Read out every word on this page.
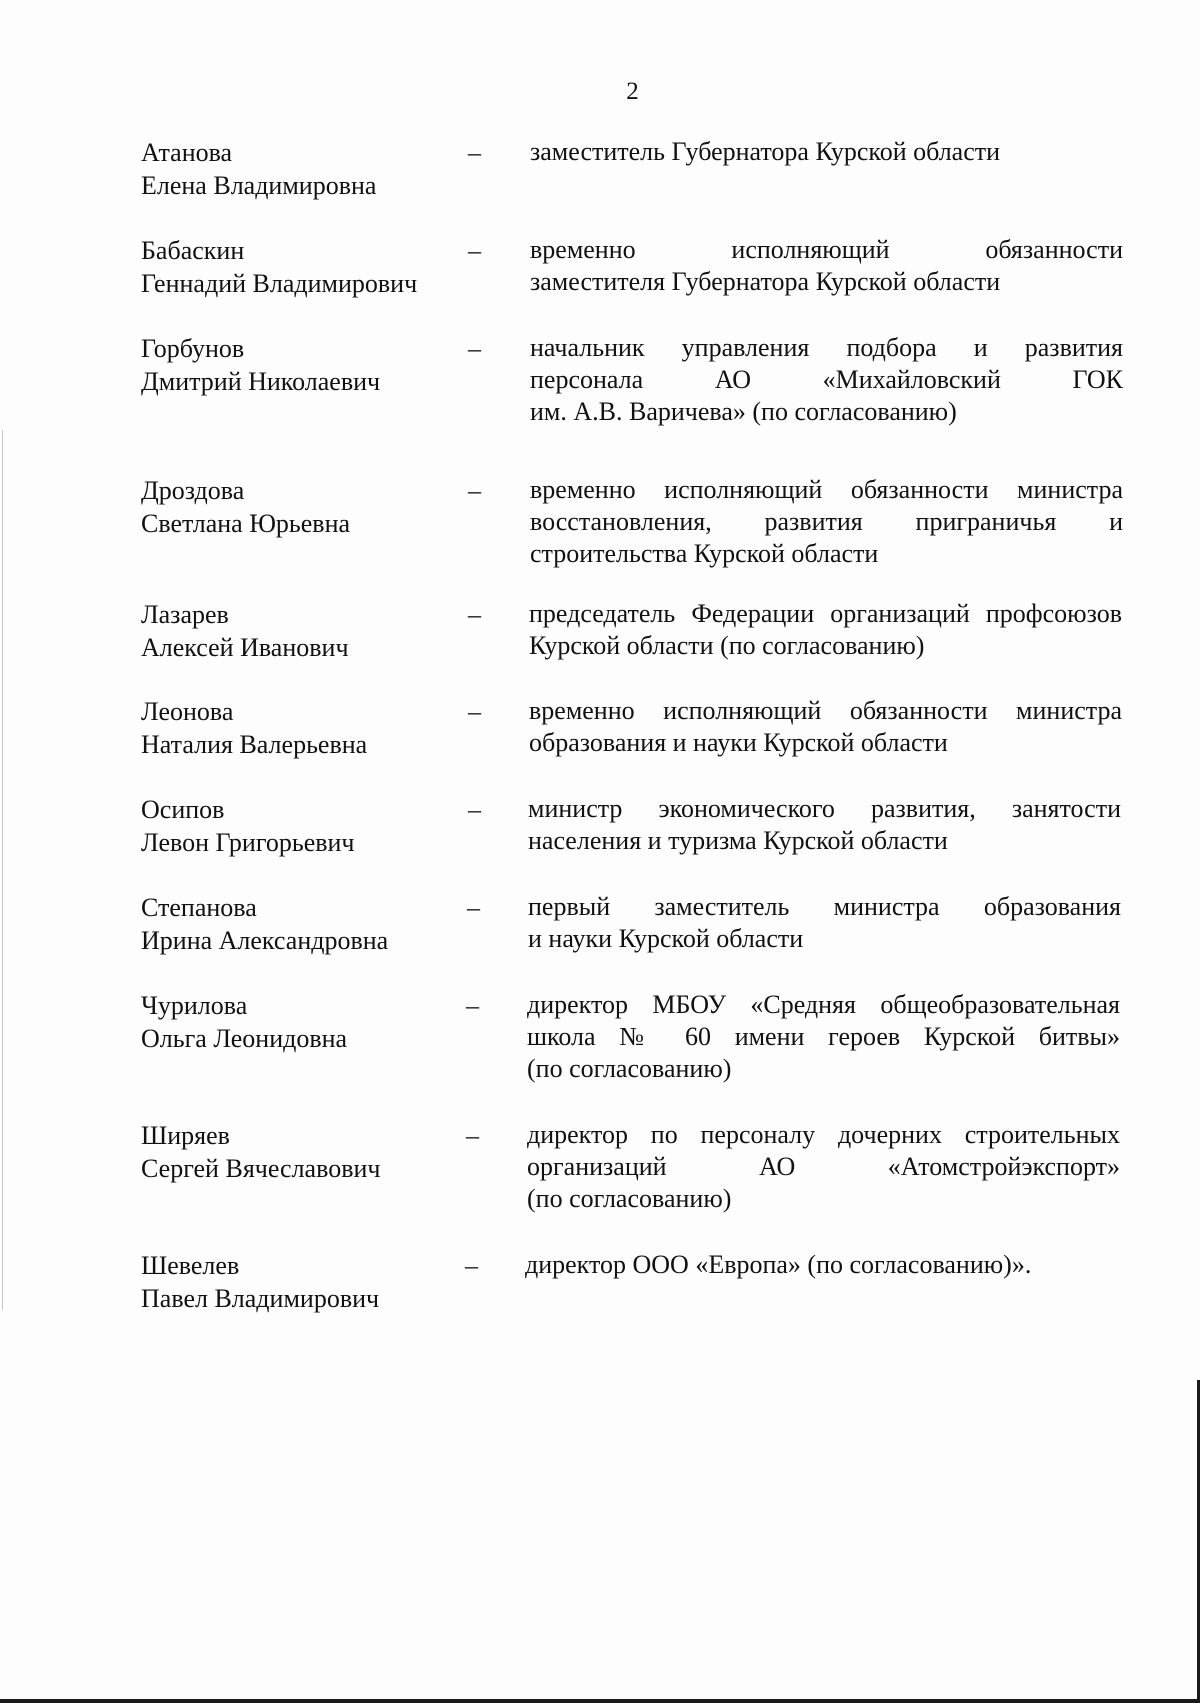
2
Атанова
Елена Владимировна
– заместитель Губернатора Курской области
Бабаскин
Геннадий Владимирович
– временно исполняющий обязанности
заместителя Губернатора Курской области
Горбунов
Дмитрий Николаевич
– начальник управления подбора и развития
персонала АО «Михайловский ГОК
им. А.В. Варичева» (по согласованию)
Дроздова
Светлана Юрьевна
– временно исполняющий обязанности министра
восстановления, развития приграничья и
строительства Курской области
Лазарев
Алексей Иванович
– председатель Федерации организаций профсоюзов
Курской области (по согласованию)
Леонова
Наталия Валерьевна
– временно исполняющий обязанности министра
образования и науки Курской области
Осипов
Левон Григорьевич
– министр экономического развития, занятости
населения и туризма Курской области
Степанова
Ирина Александровна
– первый заместитель министра образования
и науки Курской области
Чурилова
Ольга Леонидовна
– директор МБОУ «Средняя общеобразовательная
школа № 60 имени героев Курской битвы»
(по согласованию)
Ширяев
Сергей Вячеславович
– директор по персоналу дочерних строительных
организаций АО «Атомстройэкспорт»
(по согласованию)
Шевелев
Павел Владимирович
– директор ООО «Европа» (по согласованию)».
